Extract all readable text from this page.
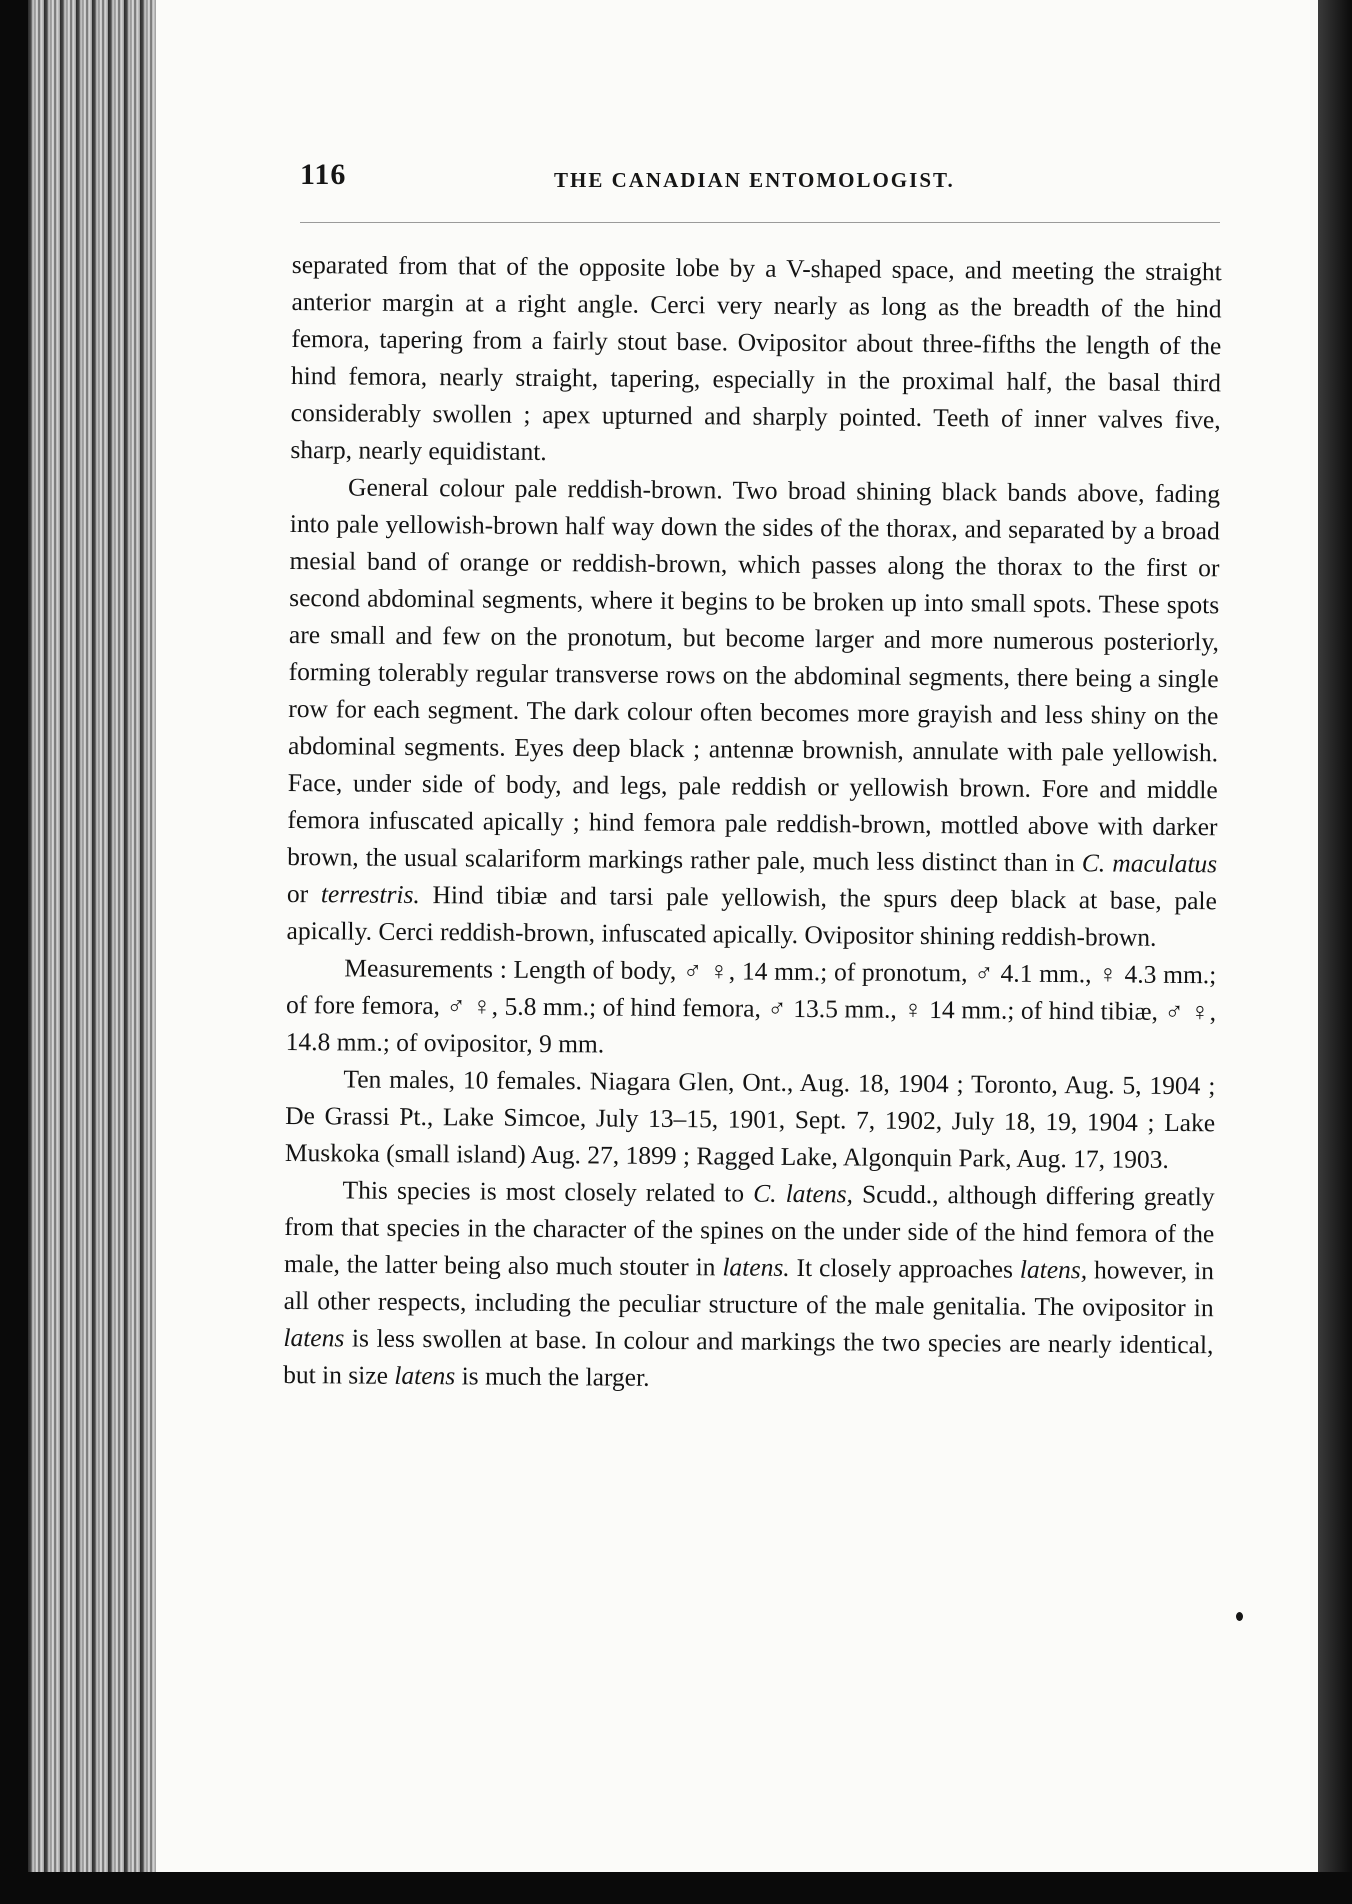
116	THE CANADIAN ENTOMOLOGIST.

separated from that of the opposite lobe by a V-shaped space, and meeting the straight anterior margin at a right angle. Cerci very nearly as long as the breadth of the hind femora, tapering from a fairly stout base. Ovipositor about three-fifths the length of the hind femora, nearly straight, tapering, especially in the proximal half, the basal third considerably swollen ; apex upturned and sharply pointed. Teeth of inner valves five, sharp, nearly equidistant.

General colour pale reddish-brown. Two broad shining black bands above, fading into pale yellowish-brown half way down the sides of the thorax, and separated by a broad mesial band of orange or reddish-brown, which passes along the thorax to the first or second abdominal segments, where it begins to be broken up into small spots. These spots are small and few on the pronotum, but become larger and more numerous posteriorly, forming tolerably regular transverse rows on the abdominal segments, there being a single row for each segment. The dark colour often becomes more grayish and less shiny on the abdominal segments. Eyes deep black ; antennæ brownish, annulate with pale yellowish. Face, under side of body, and legs, pale reddish or yellowish brown. Fore and middle femora infuscated apically ; hind femora pale reddish-brown, mottled above with darker brown, the usual scalariform markings rather pale, much less distinct than in C. maculatus or terrestris. Hind tibiæ and tarsi pale yellowish, the spurs deep black at base, pale apically. Cerci reddish-brown, infuscated apically. Ovipositor shining reddish-brown.

Measurements : Length of body, ♂ ♀, 14 mm.; of pronotum, ♂ 4.1 mm., ♀ 4.3 mm.; of fore femora, ♂ ♀, 5.8 mm.; of hind femora, ♂ 13.5 mm., ♀ 14 mm.; of hind tibiæ, ♂ ♀, 14.8 mm.; of ovipositor, 9 mm.

Ten males, 10 females. Niagara Glen, Ont., Aug. 18, 1904 ; Toronto, Aug. 5, 1904 ; De Grassi Pt., Lake Simcoe, July 13–15, 1901, Sept. 7, 1902, July 18, 19, 1904 ; Lake Muskoka (small island) Aug. 27, 1899 ; Ragged Lake, Algonquin Park, Aug. 17, 1903.

This species is most closely related to C. latens, Scudd., although differing greatly from that species in the character of the spines on the under side of the hind femora of the male, the latter being also much stouter in latens. It closely approaches latens, however, in all other respects, including the peculiar structure of the male genitalia. The ovipositor in latens is less swollen at base. In colour and markings the two species are nearly identical, but in size latens is much the larger.
